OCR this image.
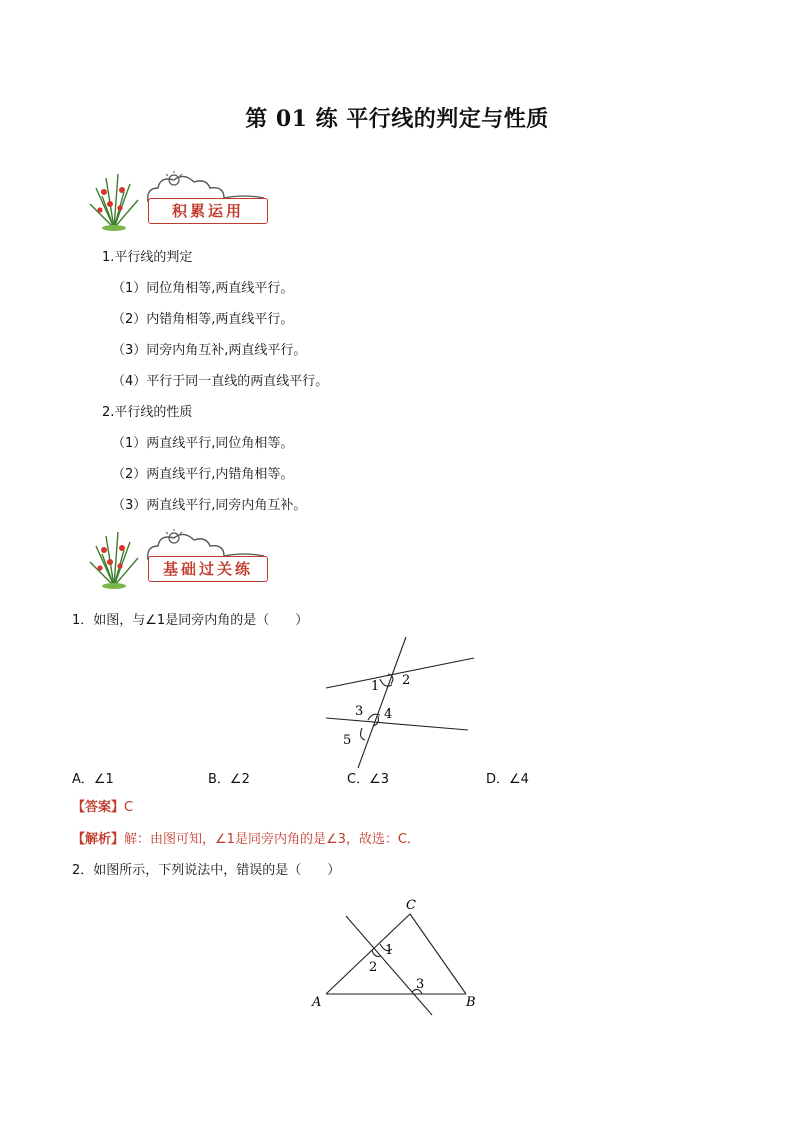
第 01 练 平行线的判定与性质
积累运用
1.平行线的判定
（1）同位角相等,两直线平行。
（2）内错角相等,两直线平行。
（3）同旁内角互补,两直线平行。
（4）平行于同一直线的两直线平行。
2.平行线的性质
（1）两直线平行,同位角相等。
（2）两直线平行,内错角相等。
（3）两直线平行,同旁内角互补。
基础过关练
1．如图，与∠1是同旁内角的是（　　）
1 2
3 4
5
A．∠1	B．∠2	C．∠3	D．∠4
【答案】C
【解析】解：由图可知，∠1是同旁内角的是∠3，故选：C．
2．如图所示，下列说法中，错误的是（　　）
C
A	B
1
2
3
